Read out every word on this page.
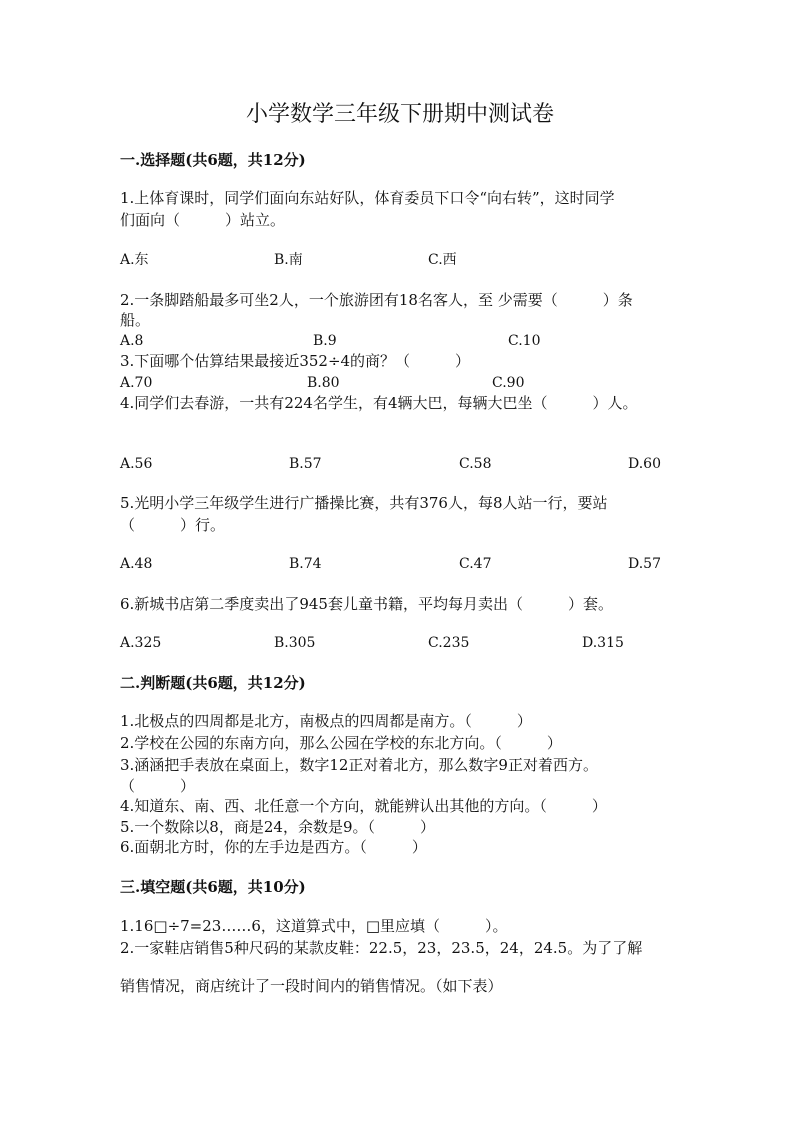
小学数学三年级下册期中测试卷
一.选择题(共6题，共12分)
1.上体育课时，同学们面向东站好队，体育委员下口令“向右转”，这时同学
们面向（　　　）站立。
A.东	B.南	C.西
2.一条脚踏船最多可坐2人，一个旅游团有18名客人，至 少需要（　　　）条
船。
A.8	B.9	C.10
3.下面哪个估算结果最接近352÷4的商？（　　　）
A.70	B.80	C.90
4.同学们去春游，一共有224名学生，有4辆大巴，每辆大巴坐（　　　）人。
A.56	B.57	C.58	D.60
5.光明小学三年级学生进行广播操比赛，共有376人，每8人站一行，要站
（　　　）行。
A.48	B.74	C.47	D.57
6.新城书店第二季度卖出了945套儿童书籍，平均每月卖出（　　　）套。
A.325	B.305	C.235	D.315
二.判断题(共6题，共12分)
1.北极点的四周都是北方，南极点的四周都是南方。（　　　）
2.学校在公园的东南方向，那么公园在学校的东北方向。（　　　）
3.涵涵把手表放在桌面上，数字12正对着北方，那么数字9正对着西方。
（　　　）
4.知道东、南、西、北任意一个方向，就能辨认出其他的方向。（　　　）
5.一个数除以8，商是24，余数是9。（　　　）
6.面朝北方时，你的左手边是西方。（　　　）
三.填空题(共6题，共10分)
1.16□÷7=23……6，这道算式中，□里应填（　　　）。
2.一家鞋店销售5种尺码的某款皮鞋：22.5，23，23.5，24，24.5。为了了解
销售情况，商店统计了一段时间内的销售情况。（如下表）
